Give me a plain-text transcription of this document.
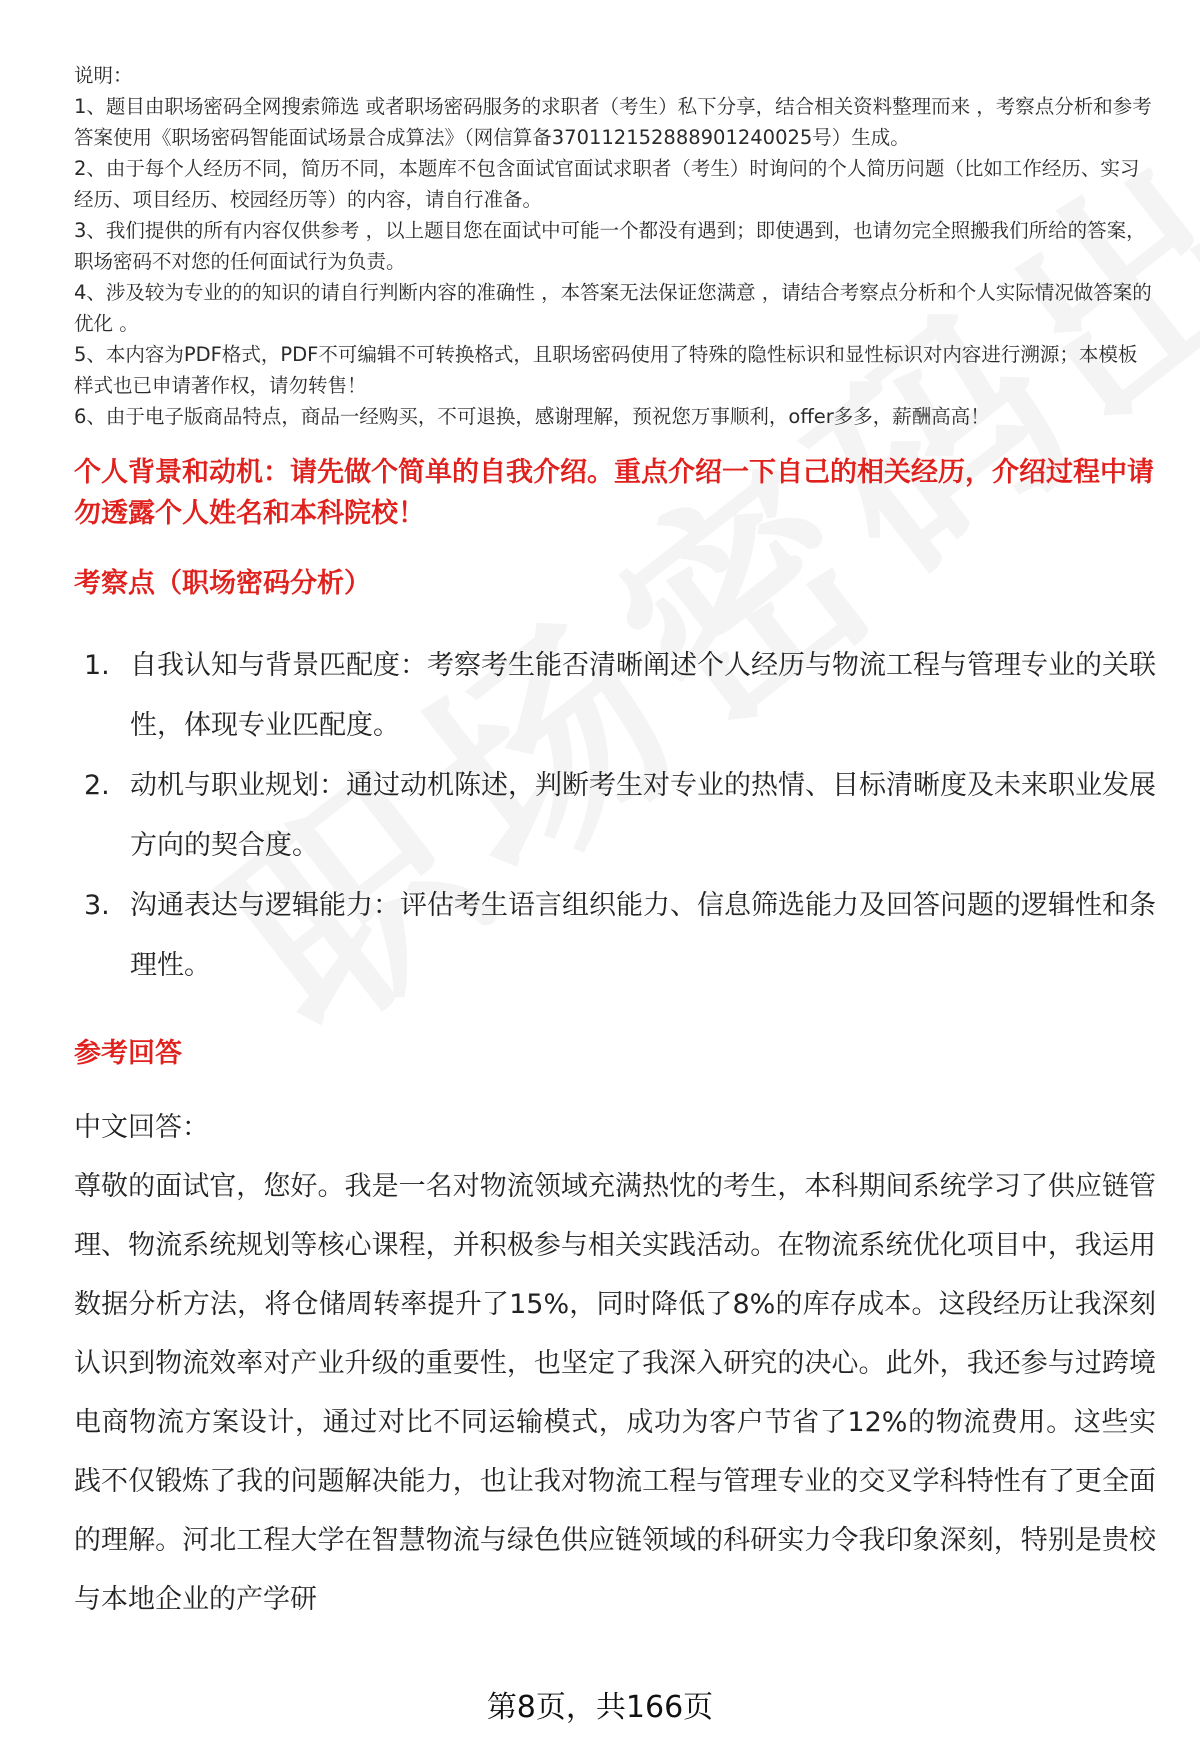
说明：

1、题目由职场密码全网搜索筛选 或者职场密码服务的求职者（考生）私下分享，结合相关资料整理而来 ，考察点分析和参考答案使用《职场密码智能面试场景合成算法》（网信算备370112152888901240025号）生成。

2、由于每个人经历不同，简历不同，本题库不包含面试官面试求职者（考生）时询问的个人简历问题（比如工作经历、实习经历、项目经历、校园经历等）的内容，请自行准备。

3、我们提供的所有内容仅供参考 ，以上题目您在面试中可能一个都没有遇到；即使遇到，也请勿完全照搬我们所给的答案，职场密码不对您的任何面试行为负责。

4、涉及较为专业的的知识的请自行判断内容的准确性 ，本答案无法保证您满意 ，请结合考察点分析和个人实际情况做答案的优化 。

5、本内容为PDF格式，PDF不可编辑不可转换格式，且职场密码使用了特殊的隐性标识和显性标识对内容进行溯源；本模板样式也已申请著作权，请勿转售！

6、由于电子版商品特点，商品一经购买，不可退换，感谢理解，预祝您万事顺利，offer多多，薪酬高高！

个人背景和动机：请先做个简单的自我介绍。重点介绍一下自己的相关经历，介绍过程中请勿透露个人姓名和本科院校！
考察点（职场密码分析）
1. 自我认知与背景匹配度：考察考生能否清晰阐述个人经历与物流工程与管理专业的关联性，体现专业匹配度。
2. 动机与职业规划：通过动机陈述，判断考生对专业的热情、目标清晰度及未来职业发展方向的契合度。
3. 沟通表达与逻辑能力：评估考生语言组织能力、信息筛选能力及回答问题的逻辑性和条理性。
参考回答

中文回答：

尊敬的面试官，您好。我是一名对物流领域充满热忱的考生，本科期间系统学习了供应链管理、物流系统规划等核心课程，并积极参与相关实践活动。在物流系统优化项目中，我运用数据分析方法，将仓储周转率提升了15%，同时降低了8%的库存成本。这段经历让我深刻认识到物流效率对产业升级的重要性，也坚定了我深入研究的决心。此外，我还参与过跨境电商物流方案设计，通过对比不同运输模式，成功为客户节省了12%的物流费用。这些实践不仅锻炼了我的问题解决能力，也让我对物流工程与管理专业的交叉学科特性有了更全面的理解。河北工程大学在智慧物流与绿色供应链领域的科研实力令我印象深刻，特别是贵校与本地企业的产学研

第8页，共166页
